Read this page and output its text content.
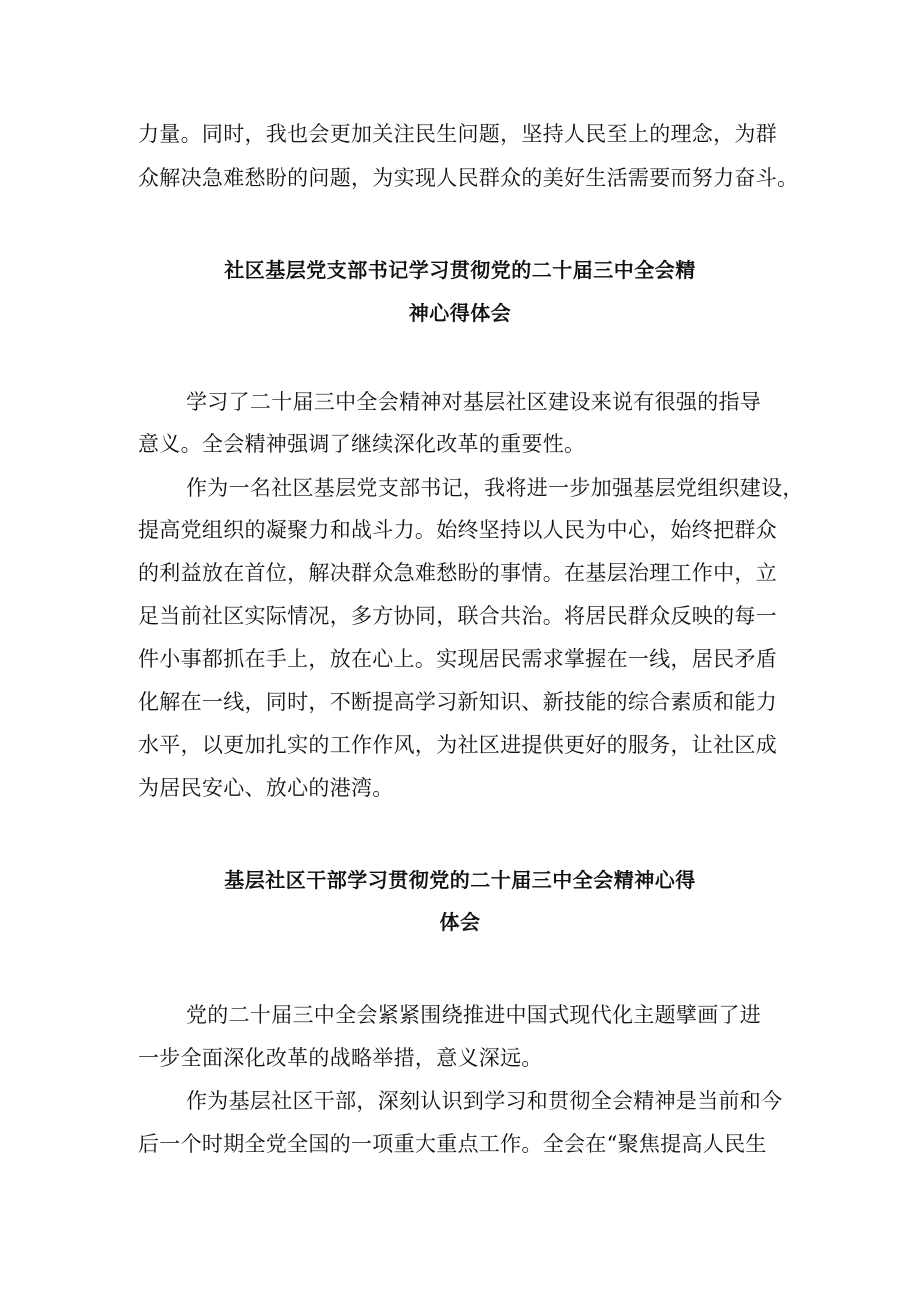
力量。同时，我也会更加关注民生问题，坚持人民至上的理念，为群
众解决急难愁盼的问题，为实现人民群众的美好生活需要而努力奋斗。
社区基层党支部书记学习贯彻党的二十届三中全会精
神心得体会
学习了二十届三中全会精神对基层社区建设来说有很强的指导
意义。全会精神强调了继续深化改革的重要性。
作为一名社区基层党支部书记，我将进一步加强基层党组织建设，
提高党组织的凝聚力和战斗力。始终坚持以人民为中心，始终把群众
的利益放在首位，解决群众急难愁盼的事情。在基层治理工作中，立
足当前社区实际情况，多方协同，联合共治。将居民群众反映的每一
件小事都抓在手上，放在心上。实现居民需求掌握在一线，居民矛盾
化解在一线，同时，不断提高学习新知识、新技能的综合素质和能力
水平，以更加扎实的工作作风，为社区进提供更好的服务，让社区成
为居民安心、放心的港湾。
基层社区干部学习贯彻党的二十届三中全会精神心得
体会
党的二十届三中全会紧紧围绕推进中国式现代化主题擘画了进
一步全面深化改革的战略举措，意义深远。
作为基层社区干部，深刻认识到学习和贯彻全会精神是当前和今
后一个时期全党全国的一项重大重点工作。全会在“聚焦提高人民生
